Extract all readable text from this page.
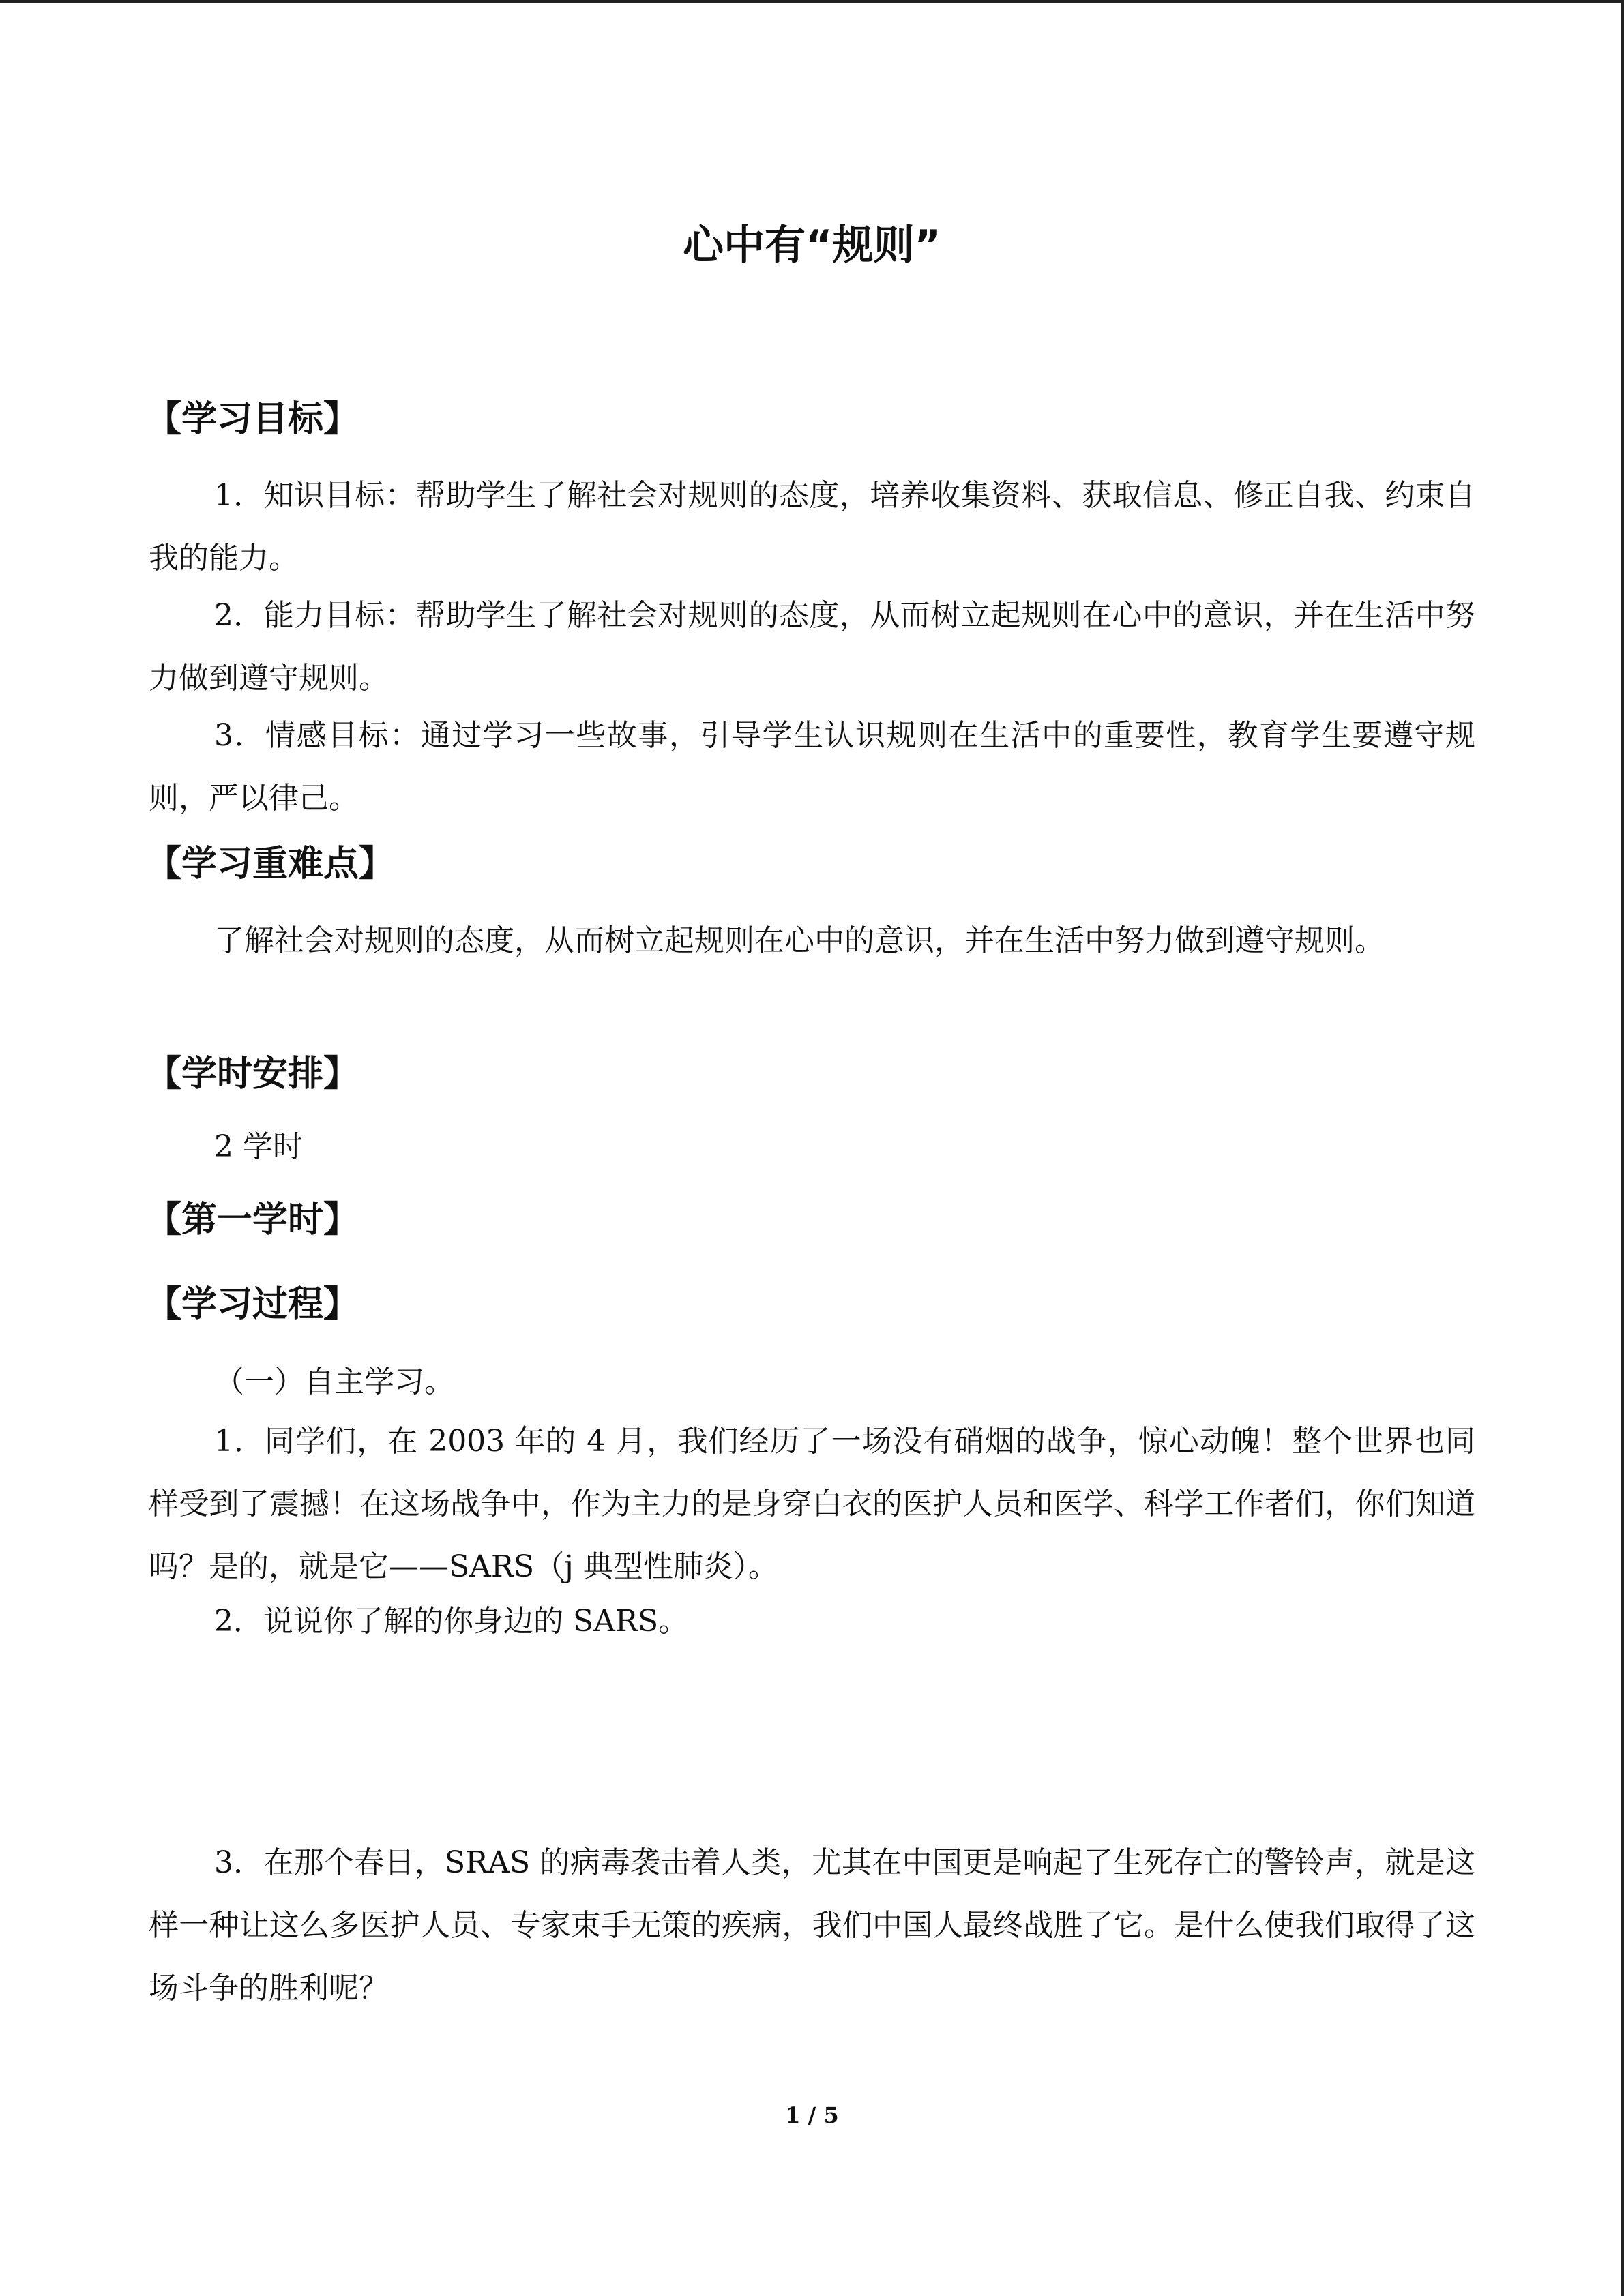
心中有“规则”
【学习目标】
1．知识目标：帮助学生了解社会对规则的态度，培养收集资料、获取信息、修正自我、约束自我的能力。
2．能力目标：帮助学生了解社会对规则的态度，从而树立起规则在心中的意识，并在生活中努力做到遵守规则。
3．情感目标：通过学习一些故事，引导学生认识规则在生活中的重要性，教育学生要遵守规则，严以律己。
【学习重难点】
了解社会对规则的态度，从而树立起规则在心中的意识，并在生活中努力做到遵守规则。
【学时安排】
2 学时
【第一学时】
【学习过程】
（一）自主学习。
1．同学们，在 2003 年的 4 月，我们经历了一场没有硝烟的战争，惊心动魄！整个世界也同样受到了震撼！在这场战争中，作为主力的是身穿白衣的医护人员和医学、科学工作者们，你们知道吗？是的，就是它——SARS（j 典型性肺炎）。
2．说说你了解的你身边的 SARS。
3．在那个春日，SRAS 的病毒袭击着人类，尤其在中国更是响起了生死存亡的警铃声，就是这样一种让这么多医护人员、专家束手无策的疾病，我们中国人最终战胜了它。是什么使我们取得了这场斗争的胜利呢？
1 / 5
